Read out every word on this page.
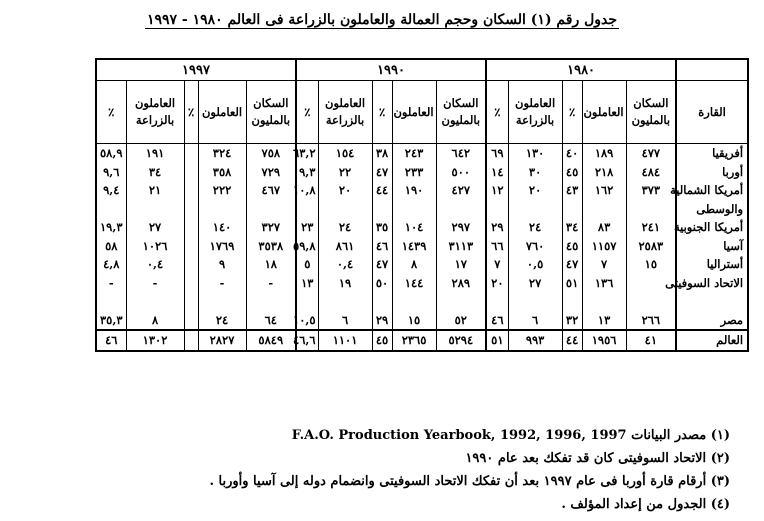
جدول رقم (١) السكان وحجم العمالة والعاملون بالزراعة فى العالم ١٩٨٠ - ١٩٩٧
	١٩٨٠					١٩٩٠					١٩٩٧				
القارة	السكان بالمليون	العاملون	٪	العاملون بالزراعة	٪	السكان بالمليون	العاملون	٪	العاملون بالزراعة	٪	السكان بالمليون	العاملون	٪	العاملون بالزراعة	٪
أفريقيا	٤٧٧	١٨٩	٤٠	١٣٠	٦٩	٦٤٢	٢٤٣	٣٨	١٥٤	٦٣,٢	٧٥٨	٣٢٤		١٩١	٥٨,٩
أوربا	٤٨٤	٢١٨	٤٥	٣٠	١٤	٥٠٠	٢٣٣	٤٧	٢٢	٩,٣	٧٢٩	٣٥٨		٣٤	٩,٦
أمريكا الشمالية	٣٧٣	١٦٢	٤٣	٢٠	١٢	٤٢٧	١٩٠	٤٤	٢٠	١٠,٨	٤٦٧	٢٢٢		٢١	٩,٤
والوسطى															
أمريكا الجنوبية	٢٤١	٨٣	٣٤	٢٤	٢٩	٢٩٧	١٠٤	٣٥	٢٤	٢٣	٣٢٧	١٤٠		٢٧	١٩,٣
آسيا	٢٥٨٣	١١٥٧	٤٥	٧٦٠	٦٦	٣١١٣	١٤٣٩	٤٦	٨٦١	٥٩,٨	٣٥٣٨	١٧٦٩		١٠٢٦	٥٨
أستراليا	١٥	٧	٤٧	٠,٥	٧	١٧	٨	٤٧	٠,٤	٥	١٨	٩		٠,٤	٤,٨
الاتحاد السوفيتى		١٣٦	٥١	٢٧	٢٠	٢٨٩	١٤٤	٥٠	١٩	١٣	-	-		-	-

مصر	٢٦٦	١٣	٣٢	٦	٤٦	٥٢	١٥	٢٩	٦	١٠,٥	٦٤	٢٤		٨	٣٥,٣
العالم	٤١	١٩٥٦	٤٤	٩٩٣	٥١	٥٢٩٤	٢٣٦٥	٤٥	١١٠١	٤٦,٦	٥٨٤٩	٢٨٢٧		١٣٠٢	٤٦
(١) مصدر البيانات F.A.O. Production Yearbook, 1992, 1996, 1997
(٢) الاتحاد السوفيتى كان قد تفكك بعد عام ١٩٩٠
(٣) أرقام قارة أوربا فى عام ١٩٩٧ بعد أن تفكك الاتحاد السوفيتى وانضمام دوله إلى آسيا وأوربا .
(٤) الجدول من إعداد المؤلف .
